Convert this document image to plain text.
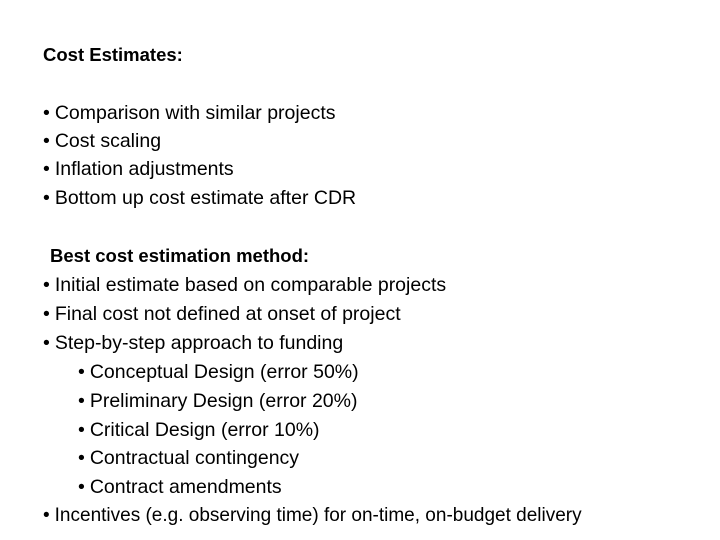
Cost Estimates:
• Comparison with similar projects
• Cost scaling
• Inflation adjustments
• Bottom up cost estimate after CDR
Best cost estimation method:
• Initial estimate based on comparable projects
• Final cost not defined at onset of project
• Step-by-step approach to funding
• Conceptual Design (error 50%)
• Preliminary Design (error 20%)
• Critical Design (error 10%)
• Contractual contingency
• Contract amendments
• Incentives (e.g. observing time) for on-time, on-budget delivery
